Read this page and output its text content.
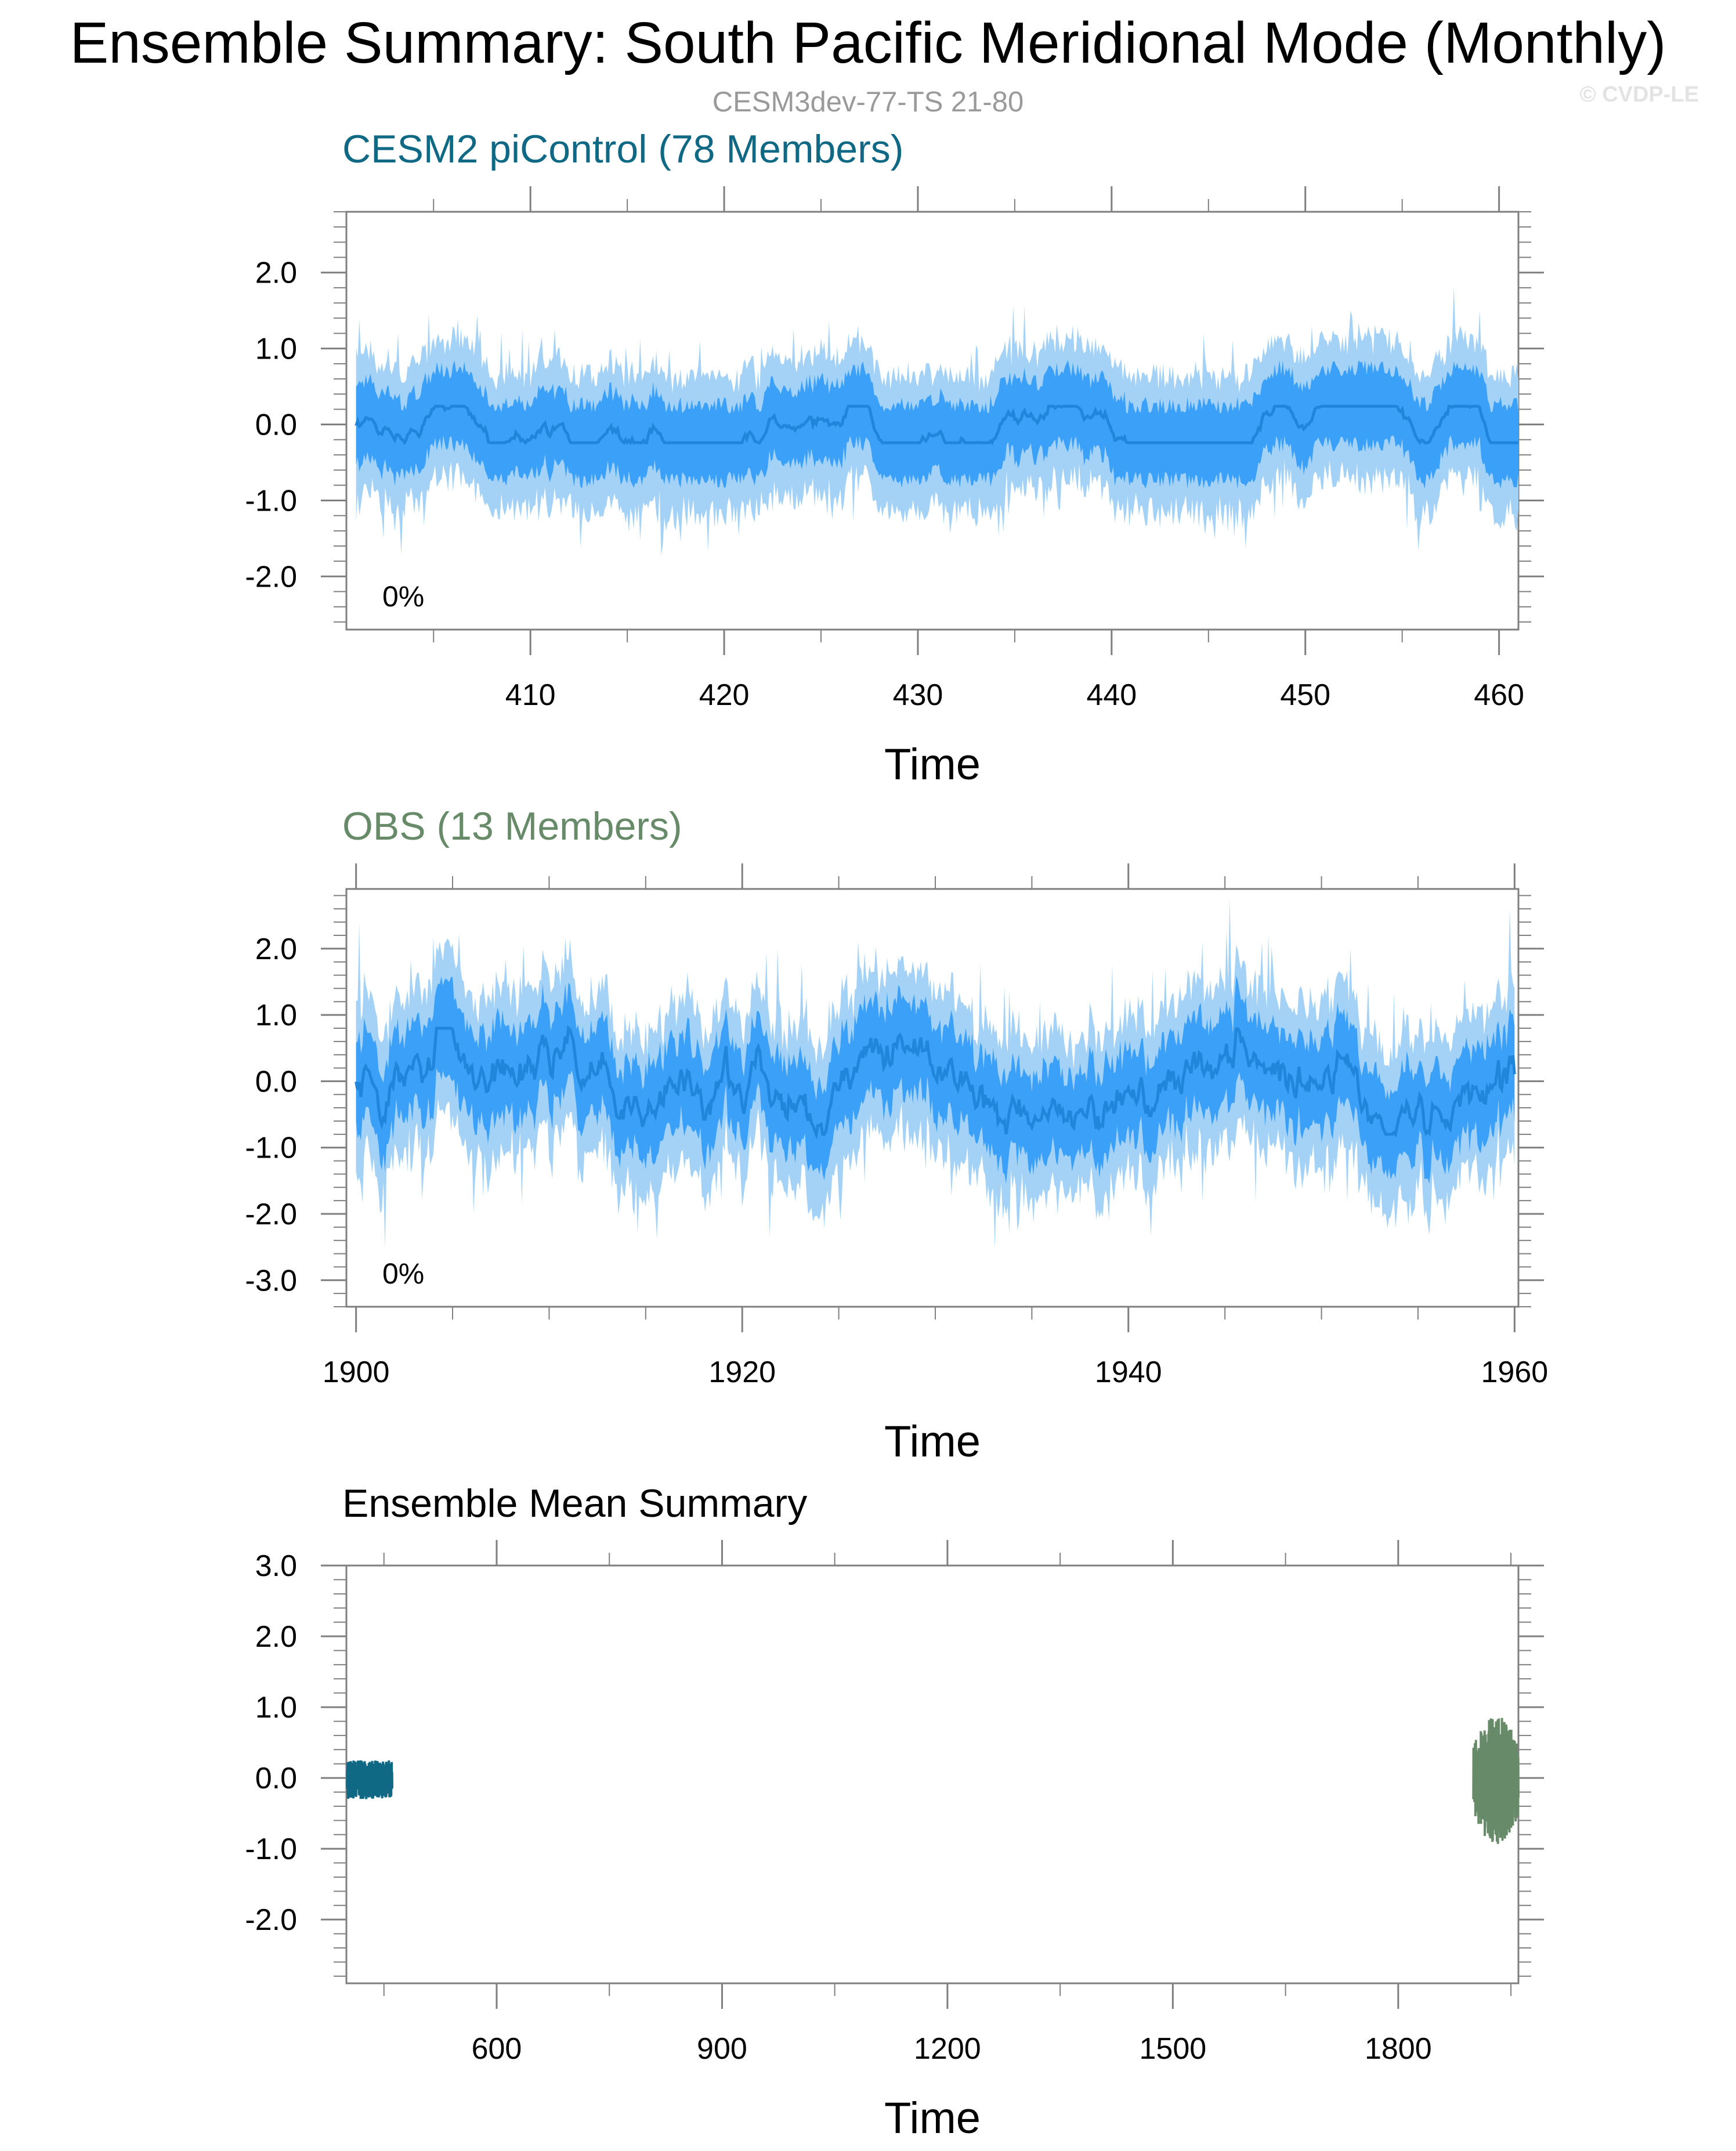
Ensemble Summary: South Pacific Meridional Mode (Monthly)
CESM3dev-77-TS 21-80	© CVDP-LE
CESM2 piControl (78 Members)
OBS (13 Members)
Ensemble Mean Summary
2.0
1.0
0.0
-1.0
-2.0
410	420	430	440	450	460
Time
0%
2.0
1.0
0.0
-1.0
-2.0
-3.0
1900	1920	1940	1960
Time
0%
3.0
2.0
1.0
0.0
-1.0
-2.0
600	900	1200	1500	1800
Time
